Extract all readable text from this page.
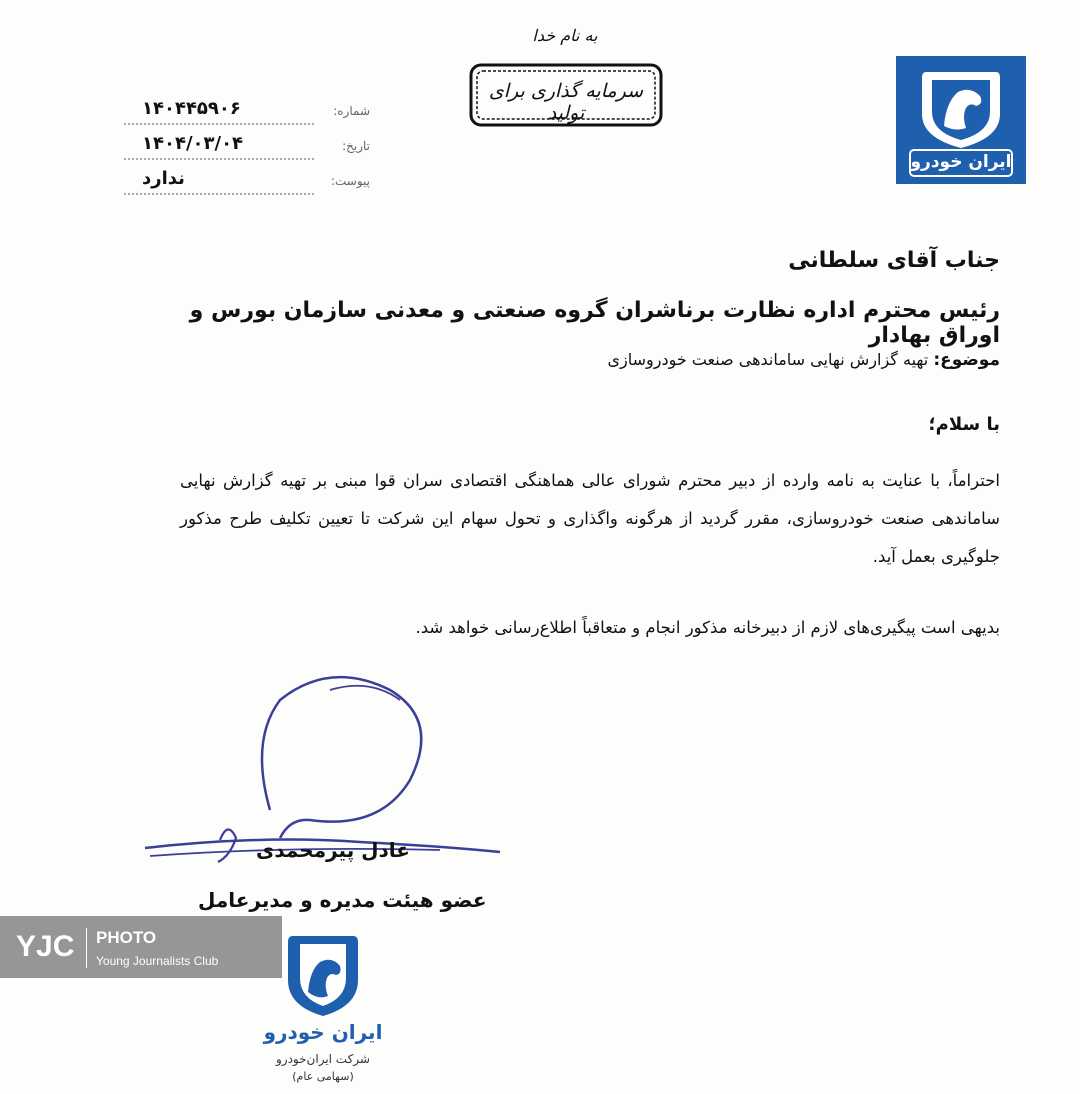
به نام خدا
سرمایه گذاری برای تولید
ایران خودرو
شماره:
۱۴۰۴۴۵۹۰۶
تاریخ:
۱۴۰۴/۰۳/۰۴
پیوست:
ندارد
جناب آقای سلطانی
رئیس محترم اداره نظارت برناشران گروه صنعتی و معدنی سازمان بورس و اوراق بهادار
موضوع: تهیه گزارش نهایی ساماندهی صنعت خودروسازی
با سلام؛
احتراماً، با عنایت به نامه وارده از دبیر محترم شورای عالی هماهنگی اقتصادی سران قوا مبنی بر تهیه گزارش نهایی ساماندهی صنعت خودروسازی، مقرر گردید از هرگونه واگذاری و تحول سهام این شرکت تا تعیین تکلیف طرح مذکور جلوگیری بعمل آید.
بدیهی است پیگیری‌های لازم از دبیرخانه مذکور انجام و متعاقباً اطلاع‌رسانی خواهد شد.
عادل پیرمحمدی
عضو هیئت مدیره و مدیرعامل
ایران خودرو
شرکت ایران‌خودرو
(سهامی عام)
YJC PHOTO
Young Journalists Club
